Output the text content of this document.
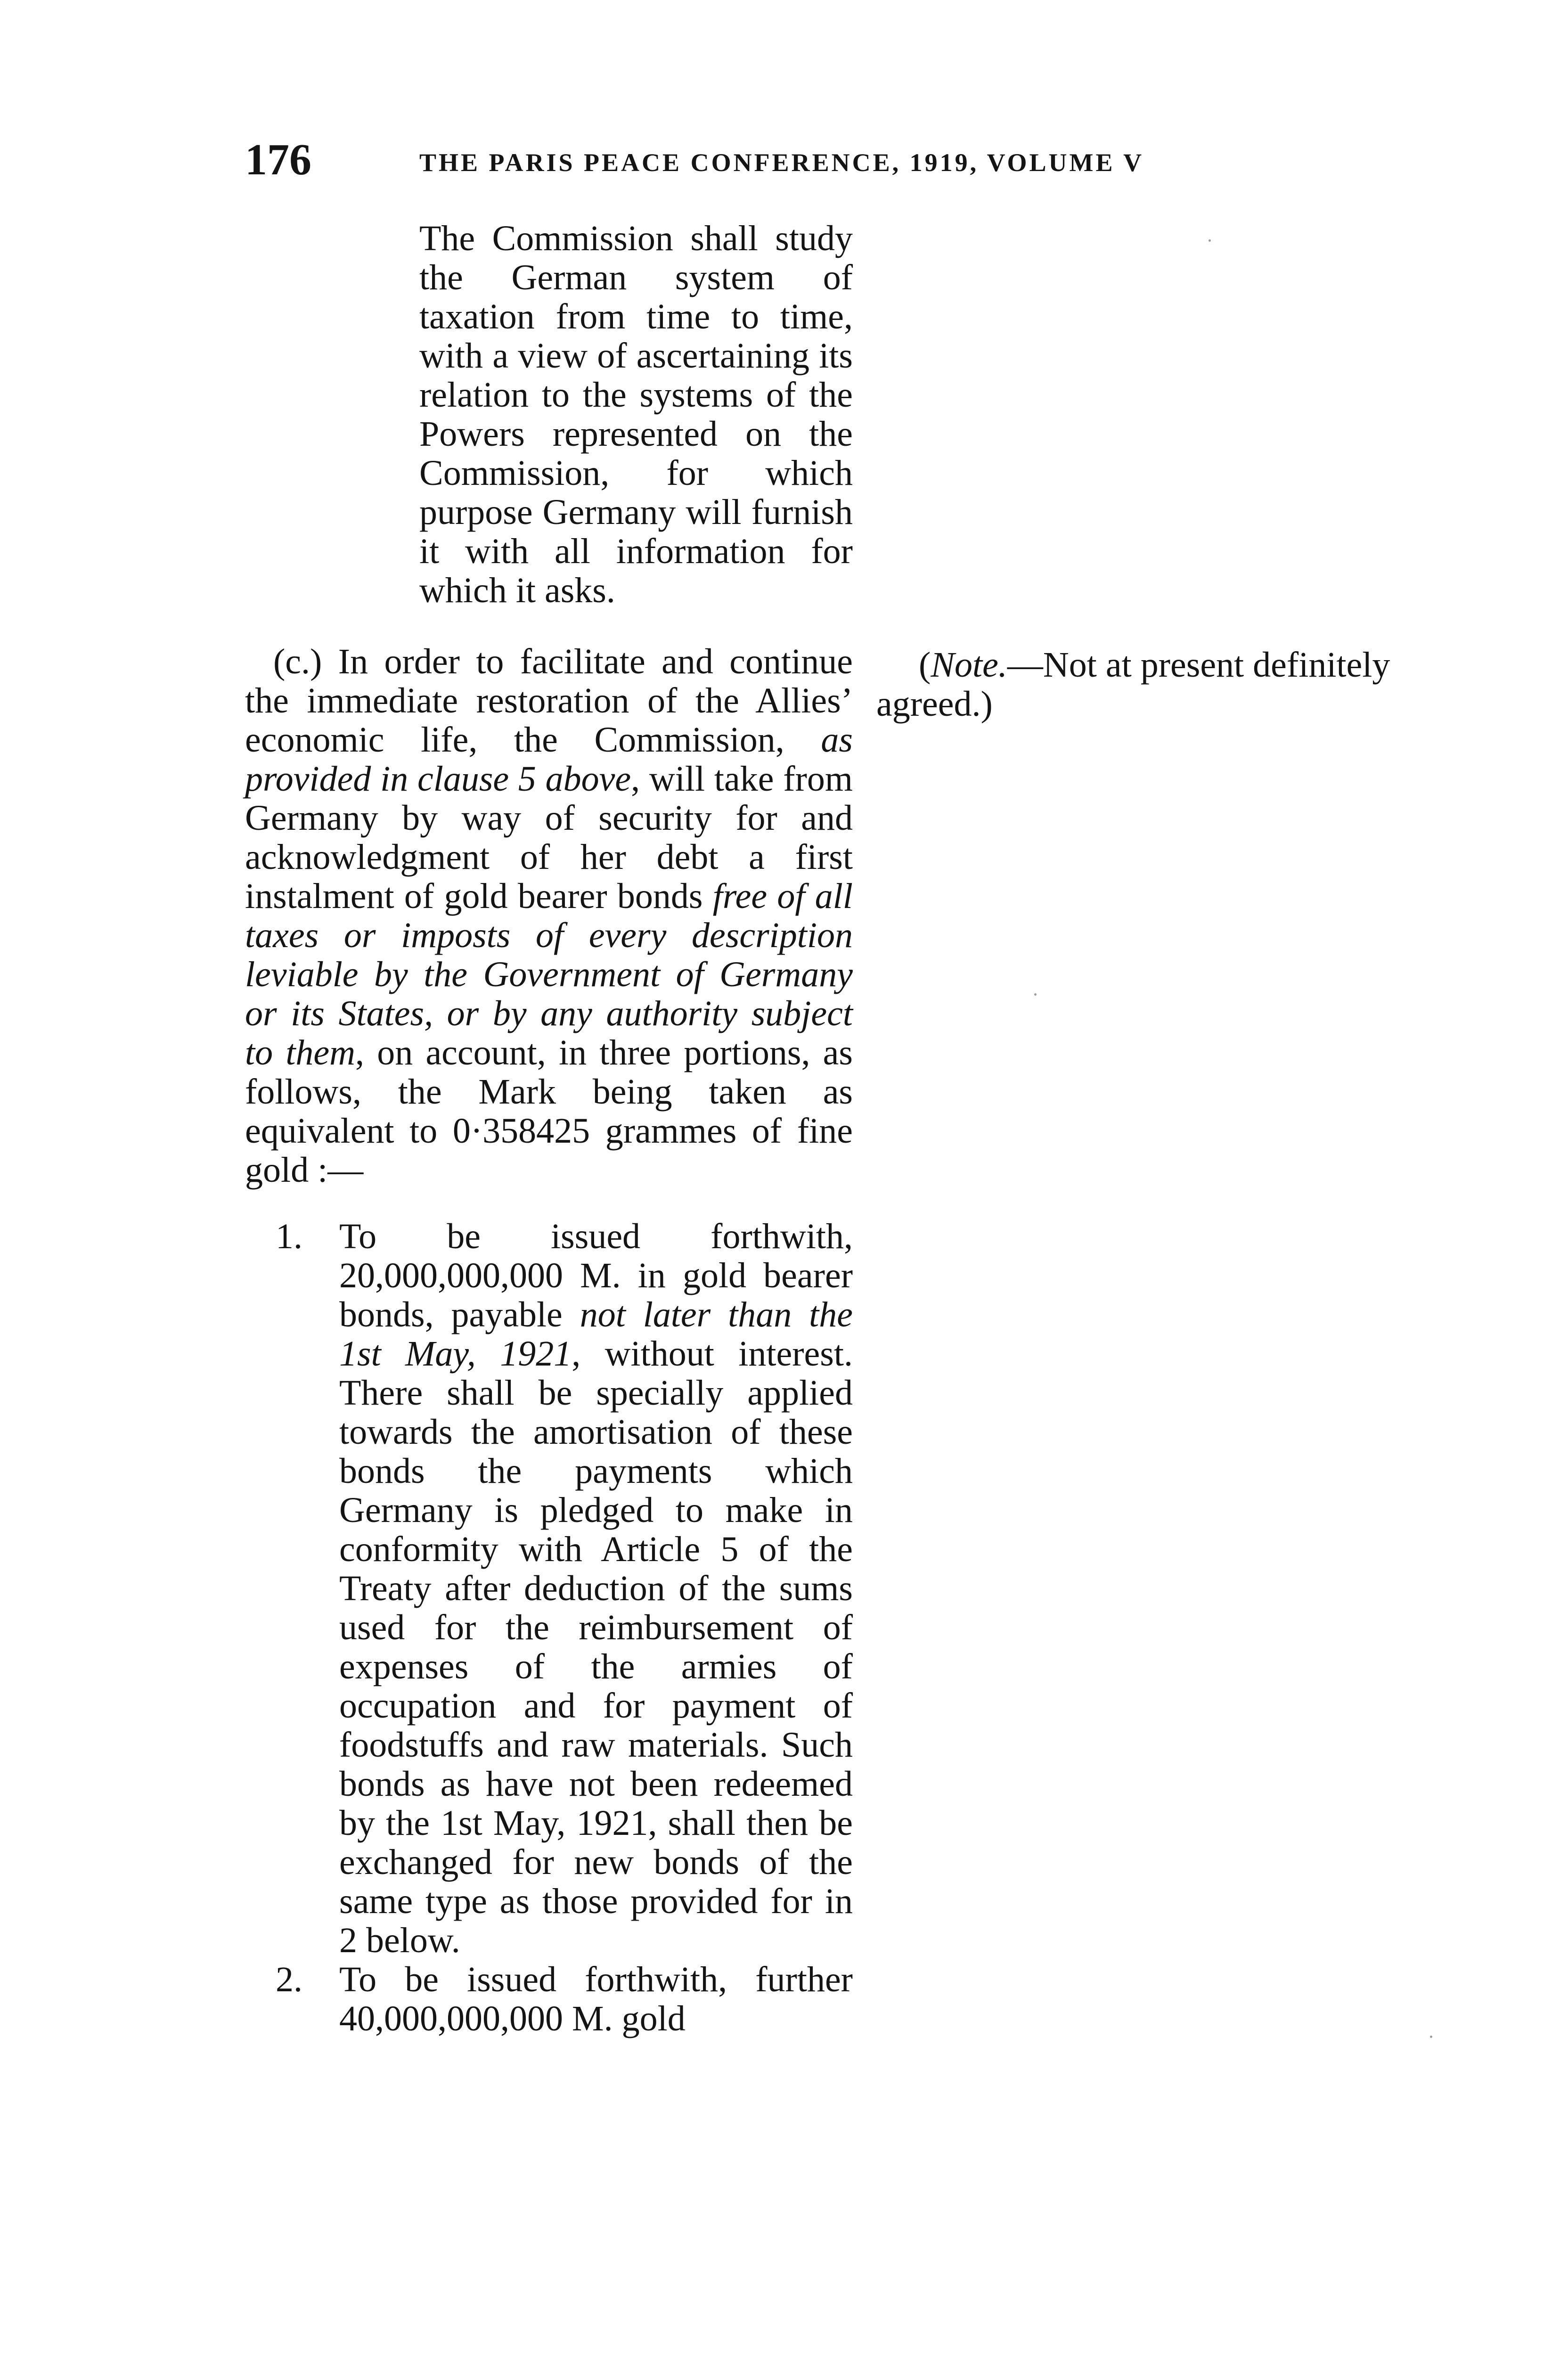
176	THE PARIS PEACE CONFERENCE, 1919, VOLUME V

The Commission shall study the German system of taxation from time to time, with a view of ascertaining its relation to the systems of the Powers represented on the Commission, for which purpose Germany will furnish it with all information for which it asks.

(c.) In order to facilitate and continue the immediate restoration of the Allies’ economic life, the Commission, as provided in clause 5 above, will take from Germany by way of security for and acknowledgment of her debt a first instalment of gold bearer bonds free of all taxes or imposts of every description leviable by the Government of Germany or its States, or by any authority subject to them, on account, in three portions, as follows, the Mark being taken as equivalent to 0·358425 grammes of fine gold :—

1. To be issued forthwith, 20,000,000,000 M. in gold bearer bonds, payable not later than the 1st May, 1921, without interest. There shall be specially applied towards the amortisation of these bonds the payments which Germany is pledged to make in conformity with Article 5 of the Treaty after deduction of the sums used for the reimbursement of expenses of the armies of occupation and for payment of foodstuffs and raw materials. Such bonds as have not been redeemed by the 1st May, 1921, shall then be exchanged for new bonds of the same type as those provided for in 2 below.
2. To be issued forthwith, further 40,000,000,000 M. gold
(Note.—Not at present definitely
agreed.)
